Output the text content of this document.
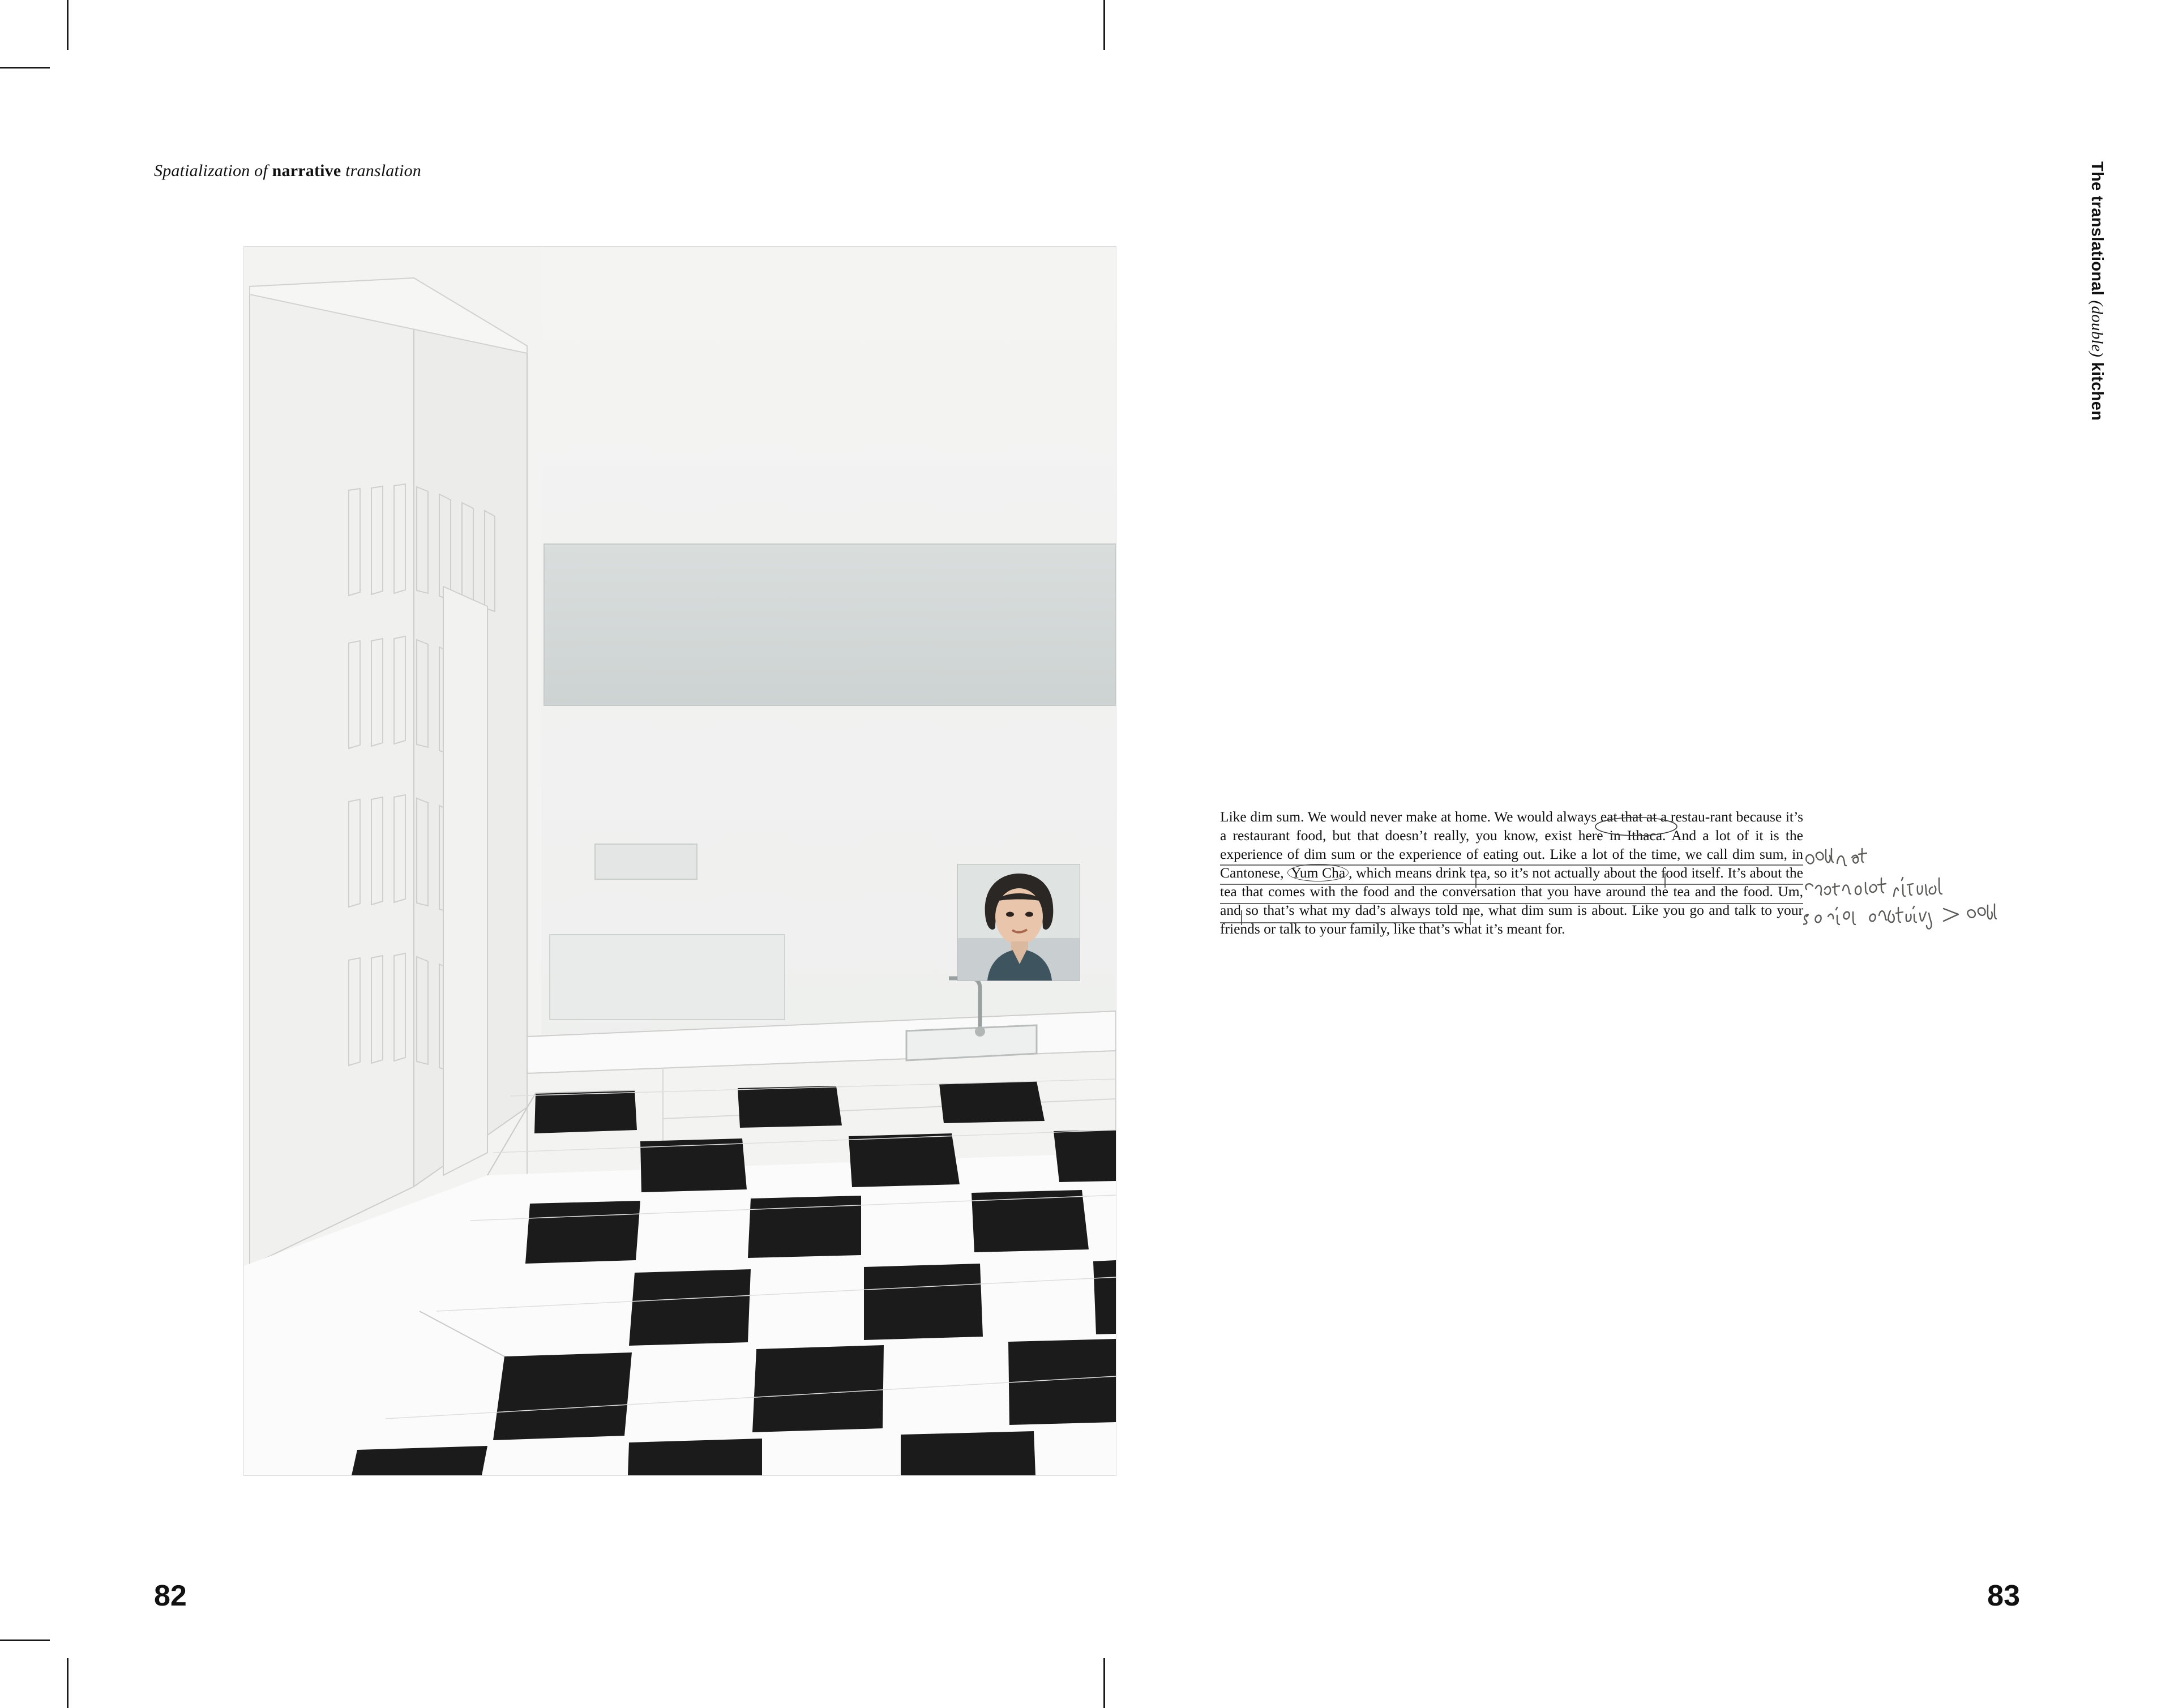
Spatialization of narrative translation
82
The translational (double) kitchen
83

Like dim sum. We would never make at home. We would always eat that at a restau-rant because it’s a restaurant food, but that doesn’t really, you know, exist here in Ithaca. And a lot of it is the experience of dim sum or the experience of eating out. Like a lot of the time, we call dim sum, in Cantonese, Yum Cha , which means drink tea, so it’s not actually about the food itself. It’s about the tea that comes with the food and the conversation that you have around the tea and the food. Um, and so that’s what my dad’s always told me, what dim sum is about. Like you go and talk to your friends or talk to your family, like that’s what it’s meant for.
